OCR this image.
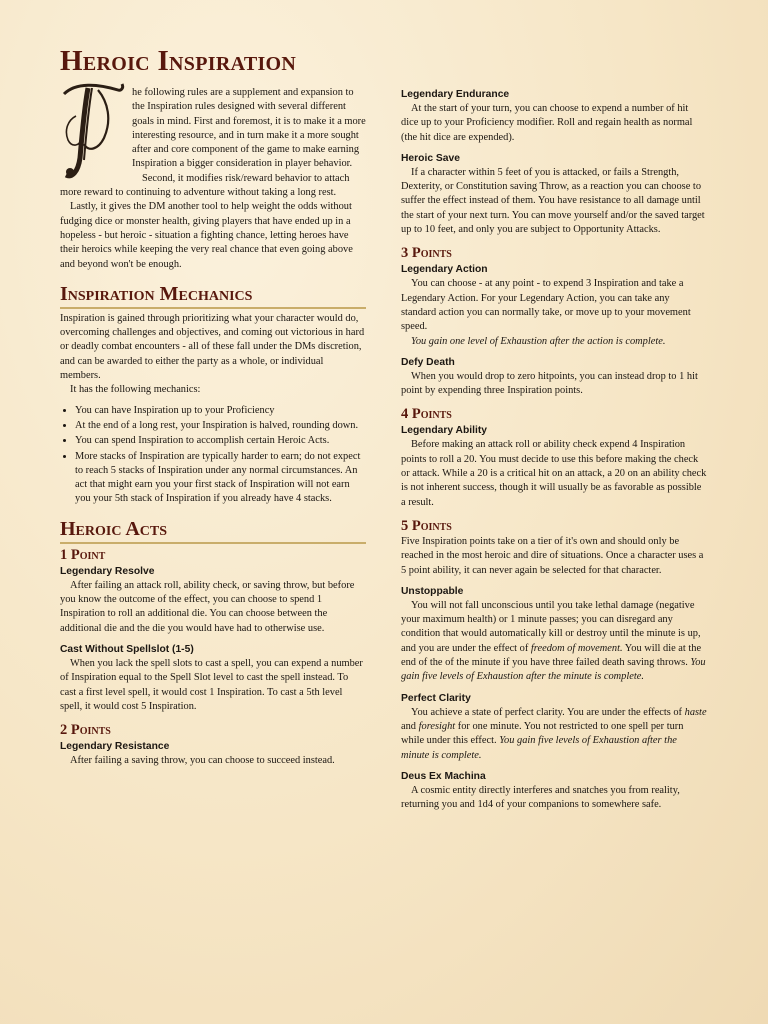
Heroic Inspiration
T

he following rules are a supplement and expansion to the Inspiration rules designed with several different goals in mind. First and foremost, it is to make it a more interesting resource, and in turn make it a more sought after and core component of the game to make earning Inspiration a bigger consideration in player behavior.

Second, it modifies risk/reward behavior to attach more reward to continuing to adventure without taking a long rest.

Lastly, it gives the DM another tool to help weight the odds without fudging dice or monster health, giving players that have ended up in a hopeless - but heroic - situation a fighting chance, letting heroes have their heroics while keeping the very real chance that even going above and beyond won't be enough.

Inspiration Mechanics

Inspiration is gained through prioritizing what your character would do, overcoming challenges and objectives, and coming out victorious in hard or deadly combat encounters - all of these fall under the DMs discretion, and can be awarded to either the party as a whole, or individual members.

It has the following mechanics:

• You can have Inspiration up to your Proficiency
• At the end of a long rest, your Inspiration is halved, rounding down.
• You can spend Inspiration to accomplish certain Heroic Acts.
• More stacks of Inspiration are typically harder to earn; do not expect to reach 5 stacks of Inspiration under any normal circumstances. An act that might earn you your first stack of Inspiration will not earn you your 5th stack of Inspiration if you already have 4 stacks.
Heroic Acts
1 Point
Legendary Resolve

After failing an attack roll, ability check, or saving throw, but before you know the outcome of the effect, you can choose to spend 1 Inspiration to roll an additional die. You can choose between the additional die and the die you would have had to otherwise use.

Cast Without Spellslot (1-5)

When you lack the spell slots to cast a spell, you can expend a number of Inspiration equal to the Spell Slot level to cast the spell instead. To cast a first level spell, it would cost 1 Inspiration. To cast a 5th level spell, it would cost 5 Inspiration.

2 Points
Legendary Resistance

After failing a saving throw, you can choose to succeed instead.

Legendary Endurance

At the start of your turn, you can choose to expend a number of hit dice up to your Proficiency modifier. Roll and regain health as normal (the hit dice are expended).

Heroic Save

If a character within 5 feet of you is attacked, or fails a Strength, Dexterity, or Constitution saving Throw, as a reaction you can choose to suffer the effect instead of them. You have resistance to all damage until the start of your next turn. You can move yourself and/or the saved target up to 10 feet, and only you are subject to Opportunity Attacks.

3 Points
Legendary Action

You can choose - at any point - to expend 3 Inspiration and take a Legendary Action. For your Legendary Action, you can take any standard action you can normally take, or move up to your movement speed.

You gain one level of Exhaustion after the action is complete.

Defy Death

When you would drop to zero hitpoints, you can instead drop to 1 hit point by expending three Inspiration points.

4 Points
Legendary Ability

Before making an attack roll or ability check expend 4 Inspiration points to roll a 20. You must decide to use this before making the check or attack. While a 20 is a critical hit on an attack, a 20 on an ability check is not inherent success, though it will usually be as favorable as possible a result.

5 Points

Five Inspiration points take on a tier of it's own and should only be reached in the most heroic and dire of situations. Once a character uses a 5 point ability, it can never again be selected for that character.

Unstoppable

You will not fall unconscious until you take lethal damage (negative your maximum health) or 1 minute passes; you can disregard any condition that would automatically kill or destroy until the minute is up, and you are under the effect of freedom of movement. You will die at the end of the of the minute if you have three failed death saving throws. You gain five levels of Exhaustion after the minute is complete.

Perfect Clarity

You achieve a state of perfect clarity. You are under the effects of haste and foresight for one minute. You not restricted to one spell per turn while under this effect. You gain five levels of Exhaustion after the minute is complete.

Deus Ex Machina

A cosmic entity directly interferes and snatches you from reality, returning you and 1d4 of your companions to somewhere safe.
